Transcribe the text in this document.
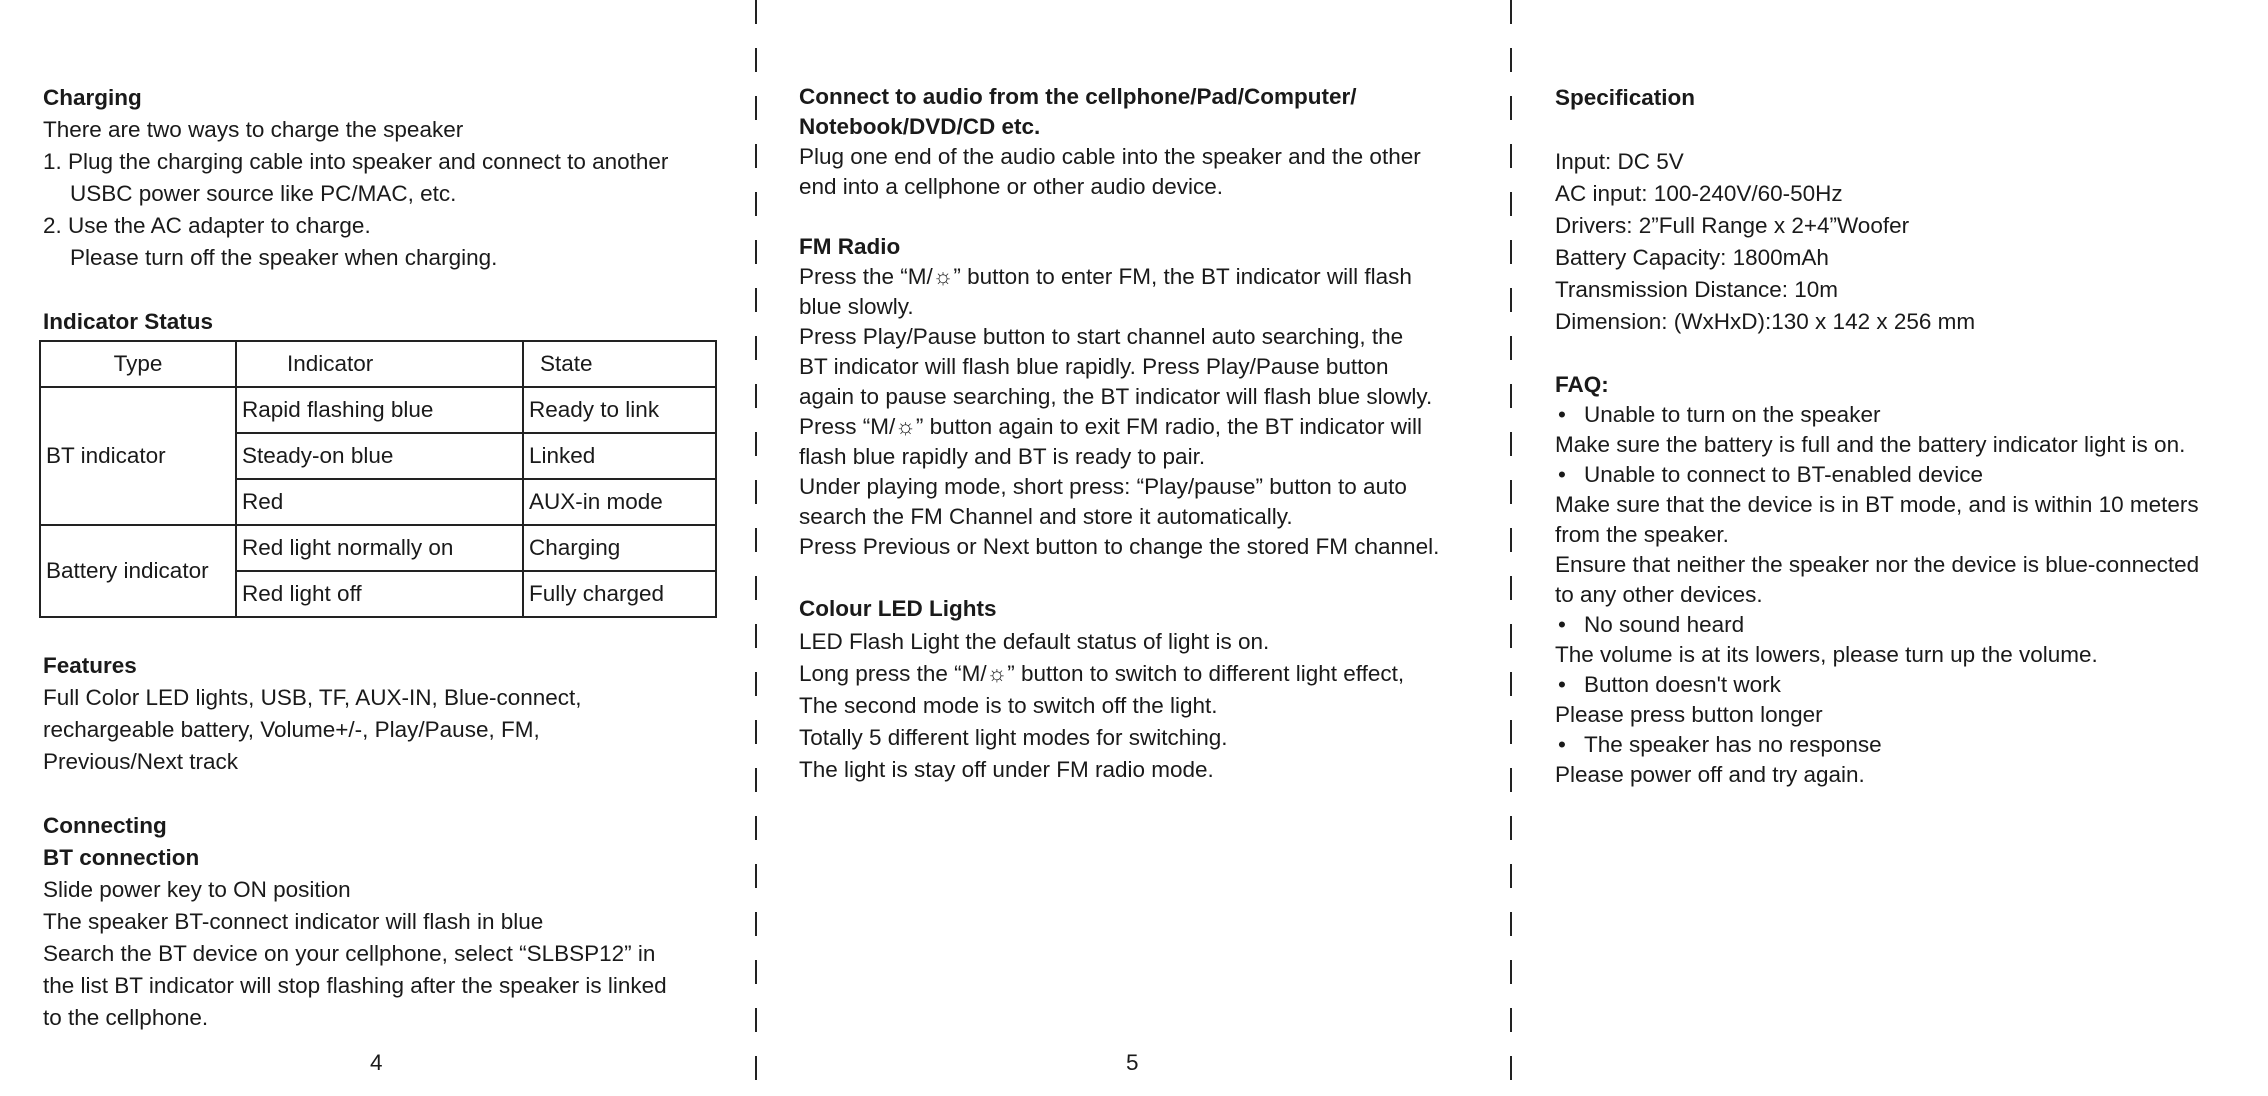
Charging
There are two ways to charge the speaker
1. Plug the charging cable into speaker and connect to another
USBC power source like PC/MAC, etc.
2. Use the AC adapter to charge.
Please turn off the speaker when charging.
Indicator Status
Type	Indicator	State
BT indicator	Rapid flashing blue	Ready to link
	Steady-on blue	Linked
	Red	AUX-in mode
Battery indicator	Red light normally on	Charging
	Red light off	Fully charged
Features
Full Color LED lights, USB, TF, AUX-IN, Blue-connect,
rechargeable battery, Volume+/-, Play/Pause, FM,
Previous/Next track
Connecting
BT connection
Slide power key to ON position
The speaker BT-connect indicator will flash in blue
Search the BT device on your cellphone, select “SLBSP12” in
the list BT indicator will stop flashing after the speaker is linked
to the cellphone.
4
Connect to audio from the cellphone/Pad/Computer/
Notebook/DVD/CD etc.
Plug one end of the audio cable into the speaker and the other
end into a cellphone or other audio device.
FM Radio
Press the “M/☼” button to enter FM, the BT indicator will flash
blue slowly.
Press Play/Pause button to start channel auto searching, the
BT indicator will flash blue rapidly. Press Play/Pause button
again to pause searching, the BT indicator will flash blue slowly.
Press “M/☼” button again to exit FM radio, the BT indicator will
flash blue rapidly and BT is ready to pair.
Under playing mode, short press: “Play/pause” button to auto
search the FM Channel and store it automatically.
Press Previous or Next button to change the stored FM channel.
Colour LED Lights
LED Flash Light the default status of light is on.
Long press the “M/☼” button to switch to different light effect,
The second mode is to switch off the light.
Totally 5 different light modes for switching.
The light is stay off under FM radio mode.
5
Specification
Input: DC 5V
AC input: 100-240V/60-50Hz
Drivers: 2”Full Range x 2+4”Woofer
Battery Capacity: 1800mAh
Transmission Distance: 10m
Dimension: (WxHxD):130 x 142 x 256 mm
FAQ:
• Unable to turn on the speaker
Make sure the battery is full and the battery indicator light is on.
• Unable to connect to BT-enabled device
Make sure that the device is in BT mode, and is within 10 meters
from the speaker.
Ensure that neither the speaker nor the device is blue-connected
to any other devices.
• No sound heard
The volume is at its lowers, please turn up the volume.
• Button doesn't work
Please press button longer
• The speaker has no response
Please power off and try again.
